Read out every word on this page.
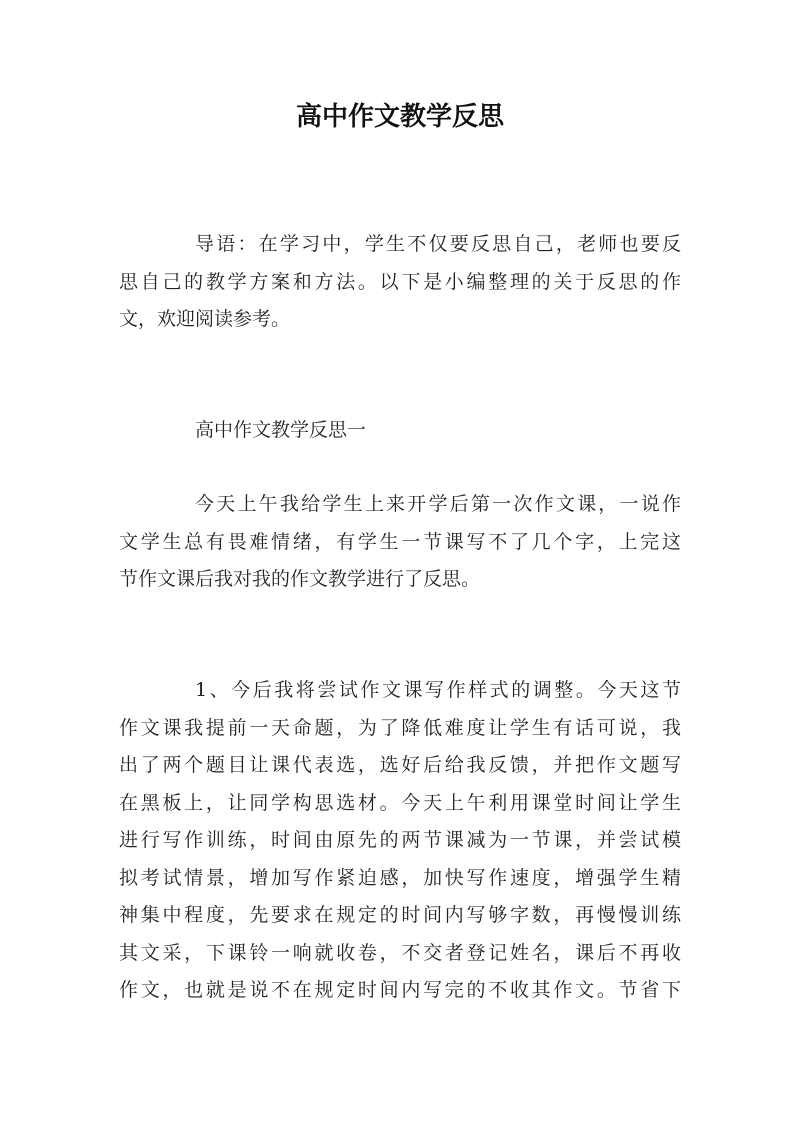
高中作文教学反思

导语：在学习中，学生不仅要反思自己，老师也要反
思自己的教学方案和方法。以下是小编整理的关于反思的作
文，欢迎阅读参考。

高中作文教学反思一

今天上午我给学生上来开学后第一次作文课，一说作
文学生总有畏难情绪，有学生一节课写不了几个字，上完这
节作文课后我对我的作文教学进行了反思。

1、今后我将尝试作文课写作样式的调整。今天这节
作文课我提前一天命题，为了降低难度让学生有话可说，我
出了两个题目让课代表选，选好后给我反馈，并把作文题写
在黑板上，让同学构思选材。今天上午利用课堂时间让学生
进行写作训练，时间由原先的两节课减为一节课，并尝试模
拟考试情景，增加写作紧迫感，加快写作速度，增强学生精
神集中程度，先要求在规定的时间内写够字数，再慢慢训练
其文采，下课铃一响就收卷，不交者登记姓名，课后不再收
作文，也就是说不在规定时间内写完的不收其作文。节省下
